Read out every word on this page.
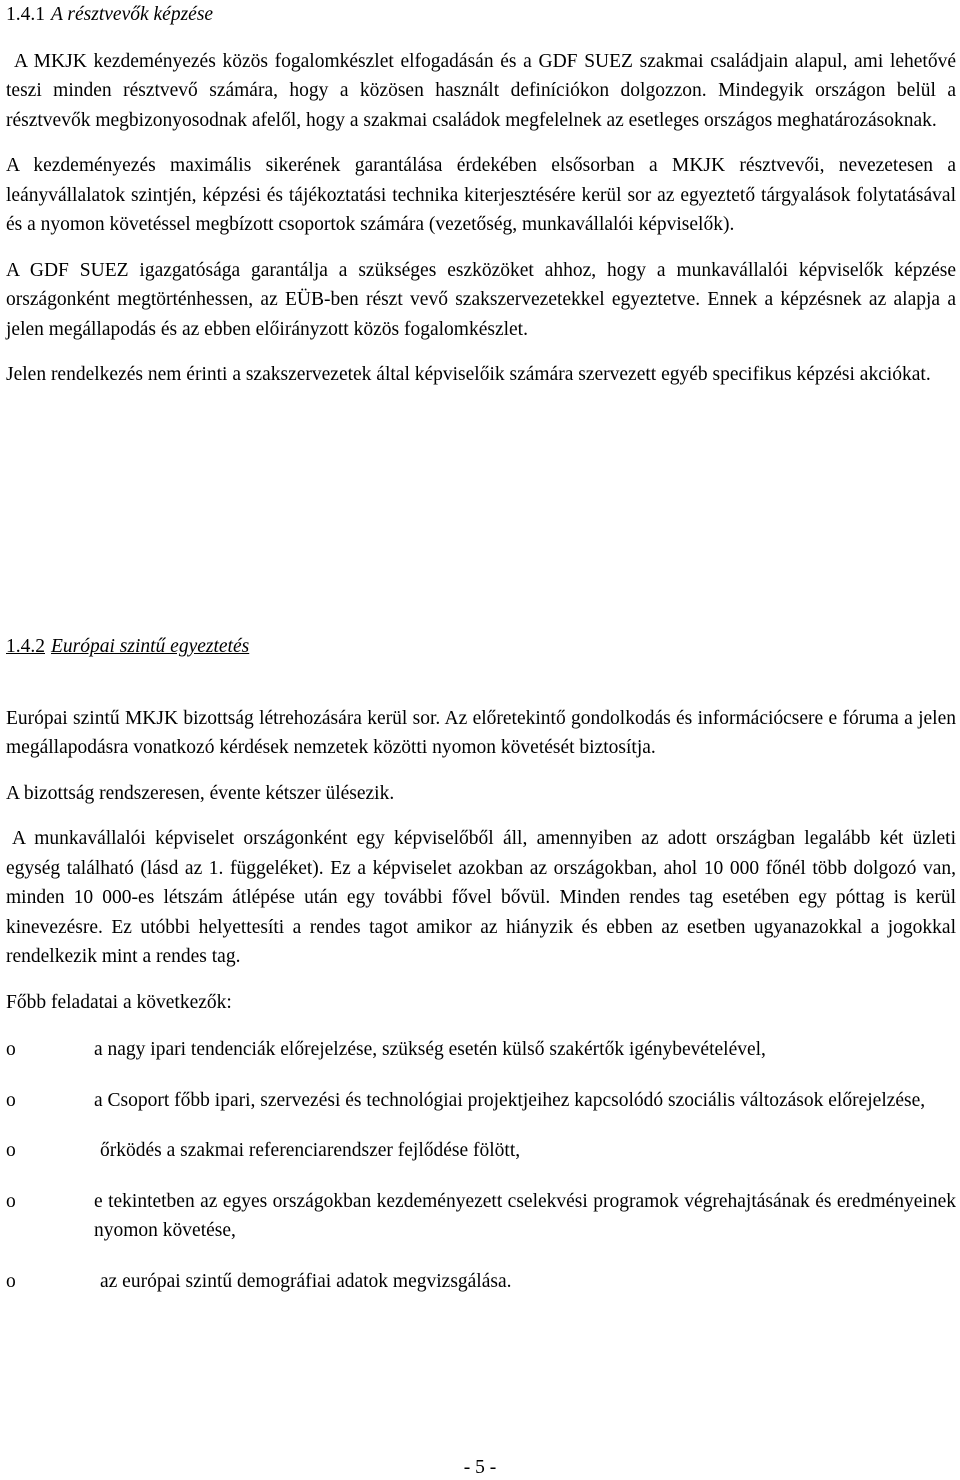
1.4.1 A résztvevők képzése

A MKJK kezdeményezés közös fogalomkészlet elfogadásán és a GDF SUEZ szakmai családjain alapul, ami lehetővé teszi minden résztvevő számára, hogy a közösen használt definíciókon dolgozzon. Mindegyik országon belül a résztvevők megbizonyosodnak afelől, hogy a szakmai családok megfelelnek az esetleges országos meghatározásoknak.

A kezdeményezés maximális sikerének garantálása érdekében elsősorban a MKJK résztvevői, nevezetesen a leányvállalatok szintjén, képzési és tájékoztatási technika kiterjesztésére kerül sor az egyeztető tárgyalások folytatásával és a nyomon követéssel megbízott csoportok számára (vezetőség, munkavállalói képviselők).

A GDF SUEZ igazgatósága garantálja a szükséges eszközöket ahhoz, hogy a munkavállalói képviselők képzése országonként megtörténhessen, az EÜB-ben részt vevő szakszervezetekkel egyeztetve. Ennek a képzésnek az alapja a jelen megállapodás és az ebben előirányzott közös fogalomkészlet.

Jelen rendelkezés nem érinti a szakszervezetek által képviselőik számára szervezett egyéb specifikus képzési akciókat.

1.4.2 Európai szintű egyeztetés

Európai szintű MKJK bizottság létrehozására kerül sor. Az előretekintő gondolkodás és információcsere e fóruma a jelen megállapodásra vonatkozó kérdések nemzetek közötti nyomon követését biztosítja.

A bizottság rendszeresen, évente kétszer ülésezik.

A munkavállalói képviselet országonként egy képviselőből áll, amennyiben az adott országban legalább két üzleti egység található (lásd az 1. függeléket). Ez a képviselet azokban az országokban, ahol 10 000 főnél több dolgozó van, minden 10 000-es létszám átlépése után egy további fővel bővül. Minden rendes tag esetében egy póttag is kerül kinevezésre. Ez utóbbi helyettesíti a rendes tagot amikor az hiányzik és ebben az esetben ugyanazokkal a jogokkal rendelkezik mint a rendes tag.

Főbb feladatai a következők:

o	a nagy ipari tendenciák előrejelzése, szükség esetén külső szakértők igénybevételével,
o	a Csoport főbb ipari, szervezési és technológiai projektjeihez kapcsolódó szociális változások előrejelzése,
o	őrködés a szakmai referenciarendszer fejlődése fölött,
o	e tekintetben az egyes országokban kezdeményezett cselekvési programok végrehajtásának és eredményeinek nyomon követése,
o	az európai szintű demográfiai adatok megvizsgálása.
- 5 -
